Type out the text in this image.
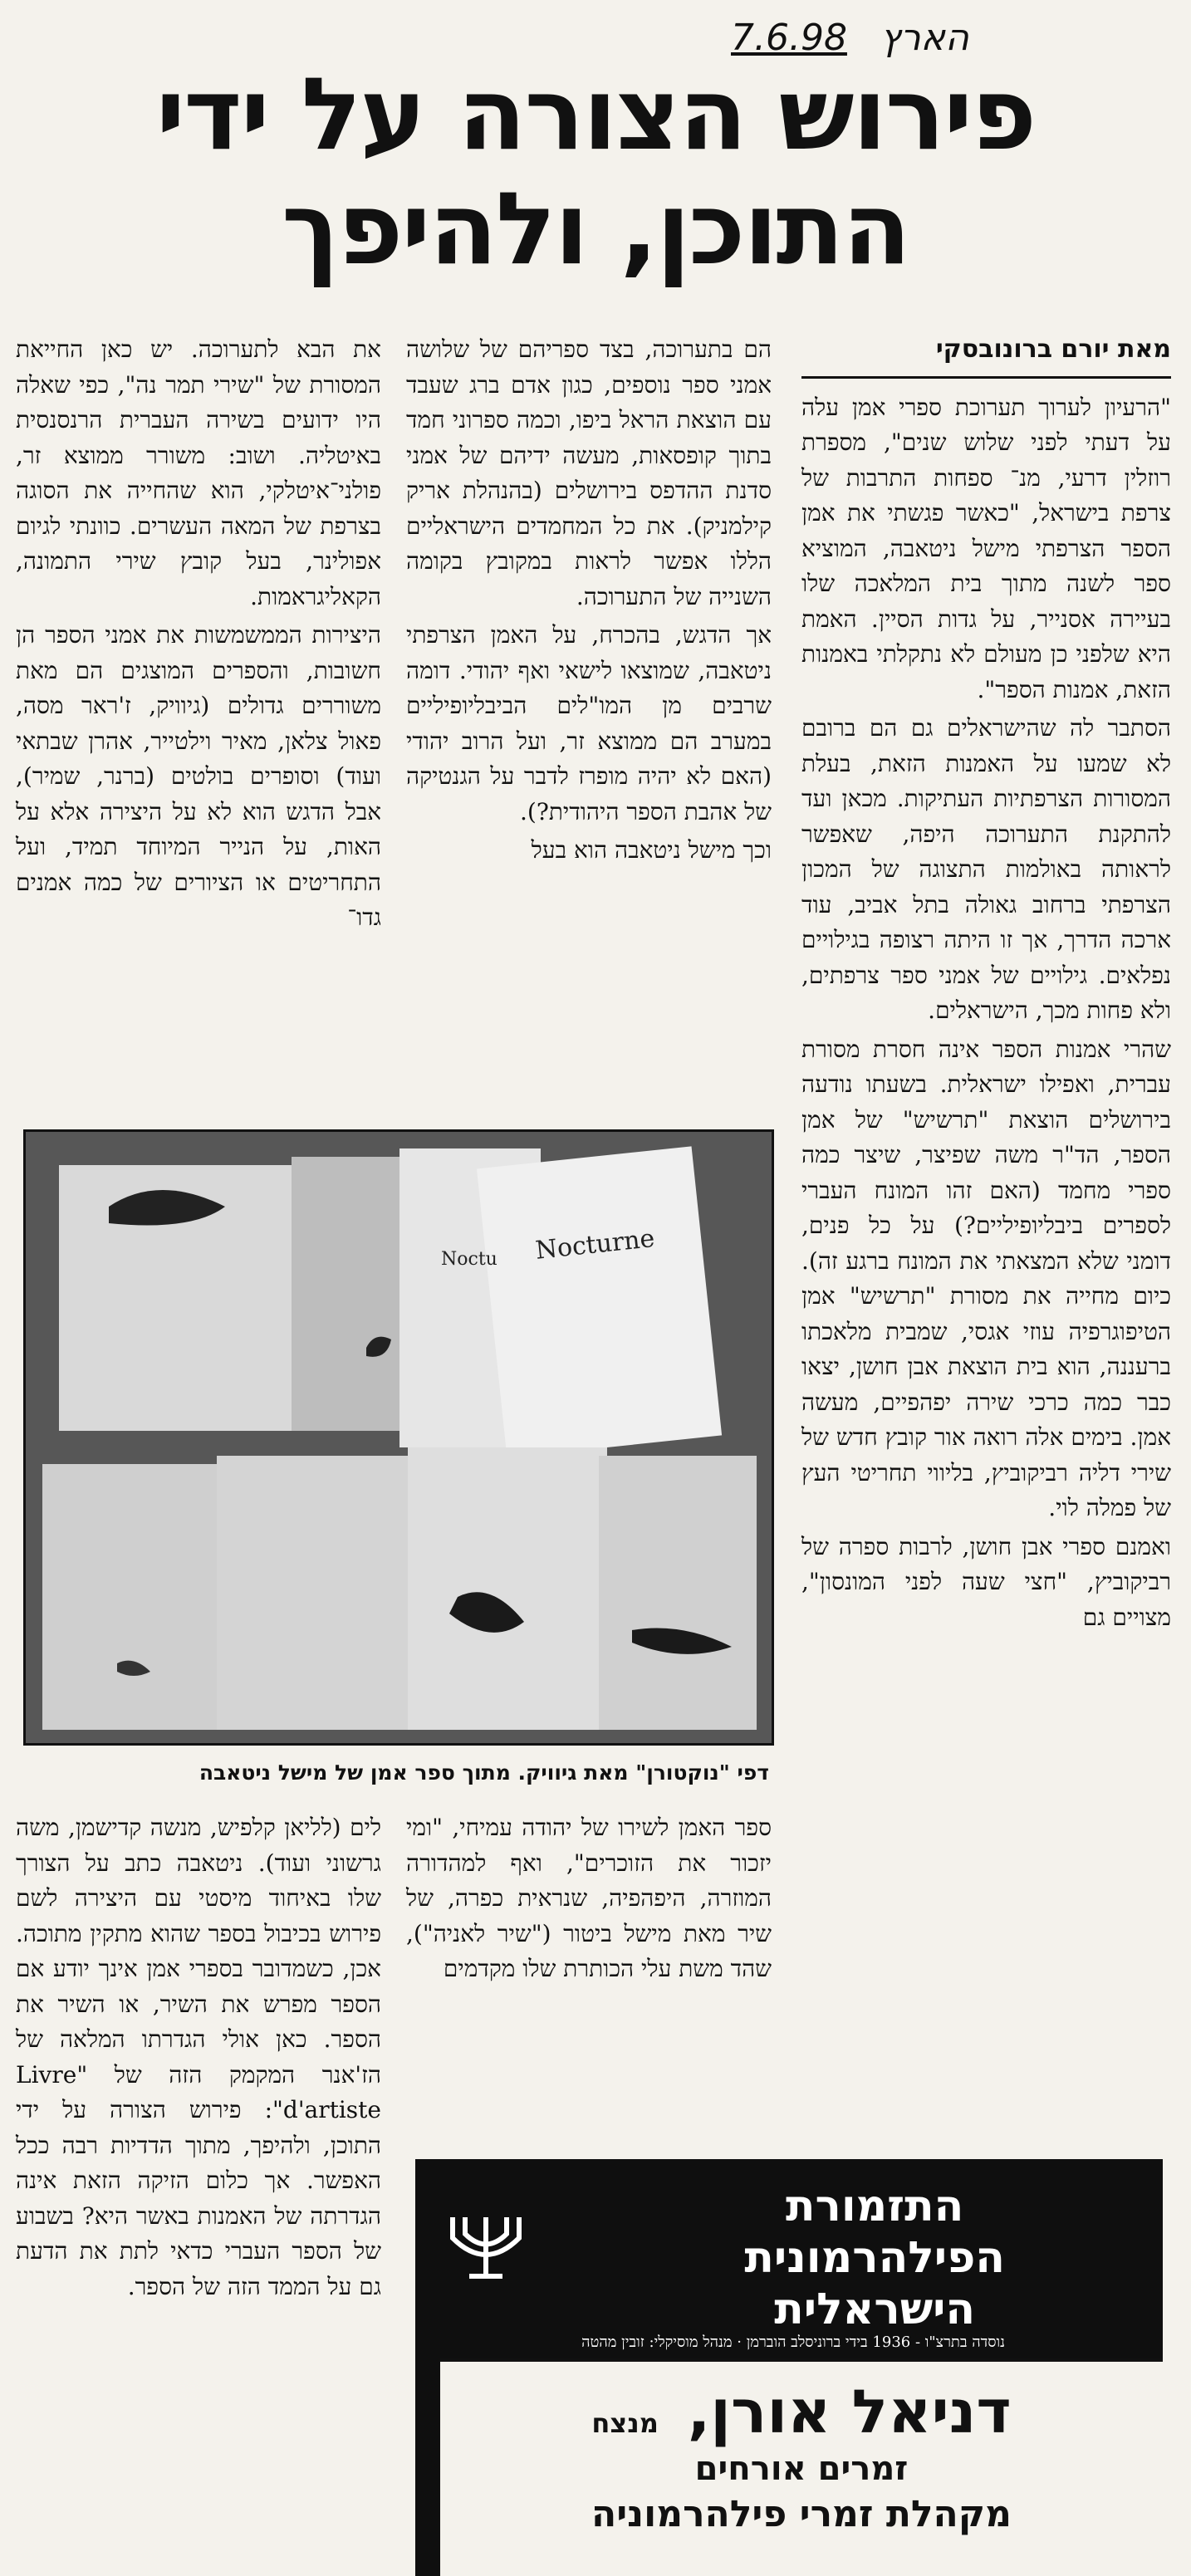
הארץ
7.6.98
פירוש הצורה על ידי
התוכן, ולהיפך
מאת יורם ברונובסקי

"הרעיון לערוך תערוכת ספרי אמן עלה על דעתי לפני שלוש שנים", מספרת רוזלין דרעי, מנ־ ספחות התרבות של צרפת בישראל, "כאשר פגשתי את אמן הספר הצרפתי מישל ניטאבה, המוציא ספר לשנה מתוך בית המלאכה שלו בעיירה אסנייר, על גדות הסיין. האמת היא שלפני כן מעולם לא נתקלתי באמנות הזאת, אמנות הספר".

הסתבר לה שהישראלים גם הם ברובם לא שמעו על האמנות הזאת, בעלת המסורות הצרפתיות העתיקות. מכאן ועד להתקנת התערוכה היפה, שאפשר לראותה באולמות התצוגה של המכון הצרפתי ברחוב גאולה בתל אביב, עוד ארכה הדרך, אך זו היתה רצופה בגילויים נפלאים. גילויים של אמני ספר צרפתים, ולא פחות מכך, הישראלים.

שהרי אמנות הספר אינה חסרת מסורת עברית, ואפילו ישראלית. בשעתו נודעה בירושלים הוצאת "תרשיש" של אמן הספר, הד"ר משה שפיצר, שיצר כמה ספרי מחמד (האם זהו המונח העברי לספרים ביבליופיליים?) על כל פנים, דומני שלא המצאתי את המונח ברגע זה). כיום מחייה את מסורת "תרשיש" אמן הטיפוגרפיה עוזי אגסי, שמבית מלאכתו ברעננה, הוא בית הוצאת אבן חושן, יצאו כבר כמה כרכי שירה יפהפיים, מעשה אמן. בימים אלה רואה אור קובץ חדש של שירי דליה רביקוביץ, בליווי תחריטי העץ של פמלה לוי.

ואמנם ספרי אבן חושן, לרבות ספרה של רביקוביץ, "חצי שעה לפני המונסון", מצויים גם

הם בתערוכה, בצד ספריהם של שלושה אמני ספר נוספים, כגון אדם ברג שעבד עם הוצאת הראל ביפו, וכמה ספרוני חמד בתוך קופסאות, מעשה ידיהם של אמני סדנת ההדפס בירושלים (בהנהלת אריק קילמניק). את כל המחמדים הישראליים הללו אפשר לראות במקובץ בקומה השנייה של התערוכה.

אך הדגש, בהכרח, על האמן הצרפתי ניטאבה, שמוצאו לישאי ואף יהודי. דומה שרבים מן המו"לים הביבליופיליים במערב הם ממוצא זר, ועל הרוב יהודי (האם לא יהיה מופרז לדבר על הגנטיקה של אהבת הספר היהודית?).

וכך מישל ניטאבה הוא בעל

את הבא לתערוכה. יש כאן החייאת המסורת של "שירי תמר נה", כפי שאלה היו ידועים בשירה העברית הרנסנסית באיטליה. ושוב: משורר ממוצא זר, פולני־איטלקי, הוא שהחייה את הסוגה בצרפת של המאה העשרים. כוונתי לגיום אפולינר, בעל קובץ שירי התמונה, הקאליגראמות.

היצירות הממשמשות את אמני הספר הן חשובות, והספרים המוצגים הם מאת משוררים גדולים (גיוויק, ז'ראר מסה, פאול צלאן, מאיר וילטייר, אהרן שבתאי ועוד) וסופרים בולטים (ברנר, שמיר), אבל הדגש הוא לא על היצירה אלא על האות, על הנייר המיוחד תמיד, ועל התחריטים או הציורים של כמה אמנים גדו־

Noctu Nocturne
דפי "נוקטורן" מאת גיוויק. מתוך ספר אמן של מישל ניטאבה
ספר האמן לשירו של יהודה עמיחי, "ומי יזכור את הזוכרים", ואף למהדורה המוזרה, היפהפיה, שנראית כפרה, של שיר מאת מישל ביטור ("שיר לאניה"), שהד משת עלי הכותרת שלו מקדמים
לים (לליאן קלפיש, מנשה קדישמן, משה גרשוני ועוד). ניטאבה כתב על הצורך שלו באיחוד מיסטי עם היצירה לשם פירוש בכיבול בספר שהוא מתקין מתוכה. אכן, כשמדובר בספרי אמן אינך יודע אם הספר מפרש את השיר, או השיר את הספר. כאן אולי הגדרתו המלאה של הז'אנר המקמק הזה של "Livre d'artiste": פירוש הצורה על ידי התוכן, ולהיפך, מתוך הדדיות רבה ככל האפשר. אך כלום הזיקה הזאת אינה הגדרתה של האמנות באשר היא? בשבוע של הספר העברי כדאי לתת את הדעת גם על הממד הזה של הספר.
התזמורת
הפילהרמונית
הישראלית
נוסדה בתרצ"ו - 1936 בידי ברוניסלב הוברמן · מנהל מוסיקלי: זובין מהטה
דניאל אורן, מנצח
זמרים אורחים
מקהלת זמרי פילהרמוניה
